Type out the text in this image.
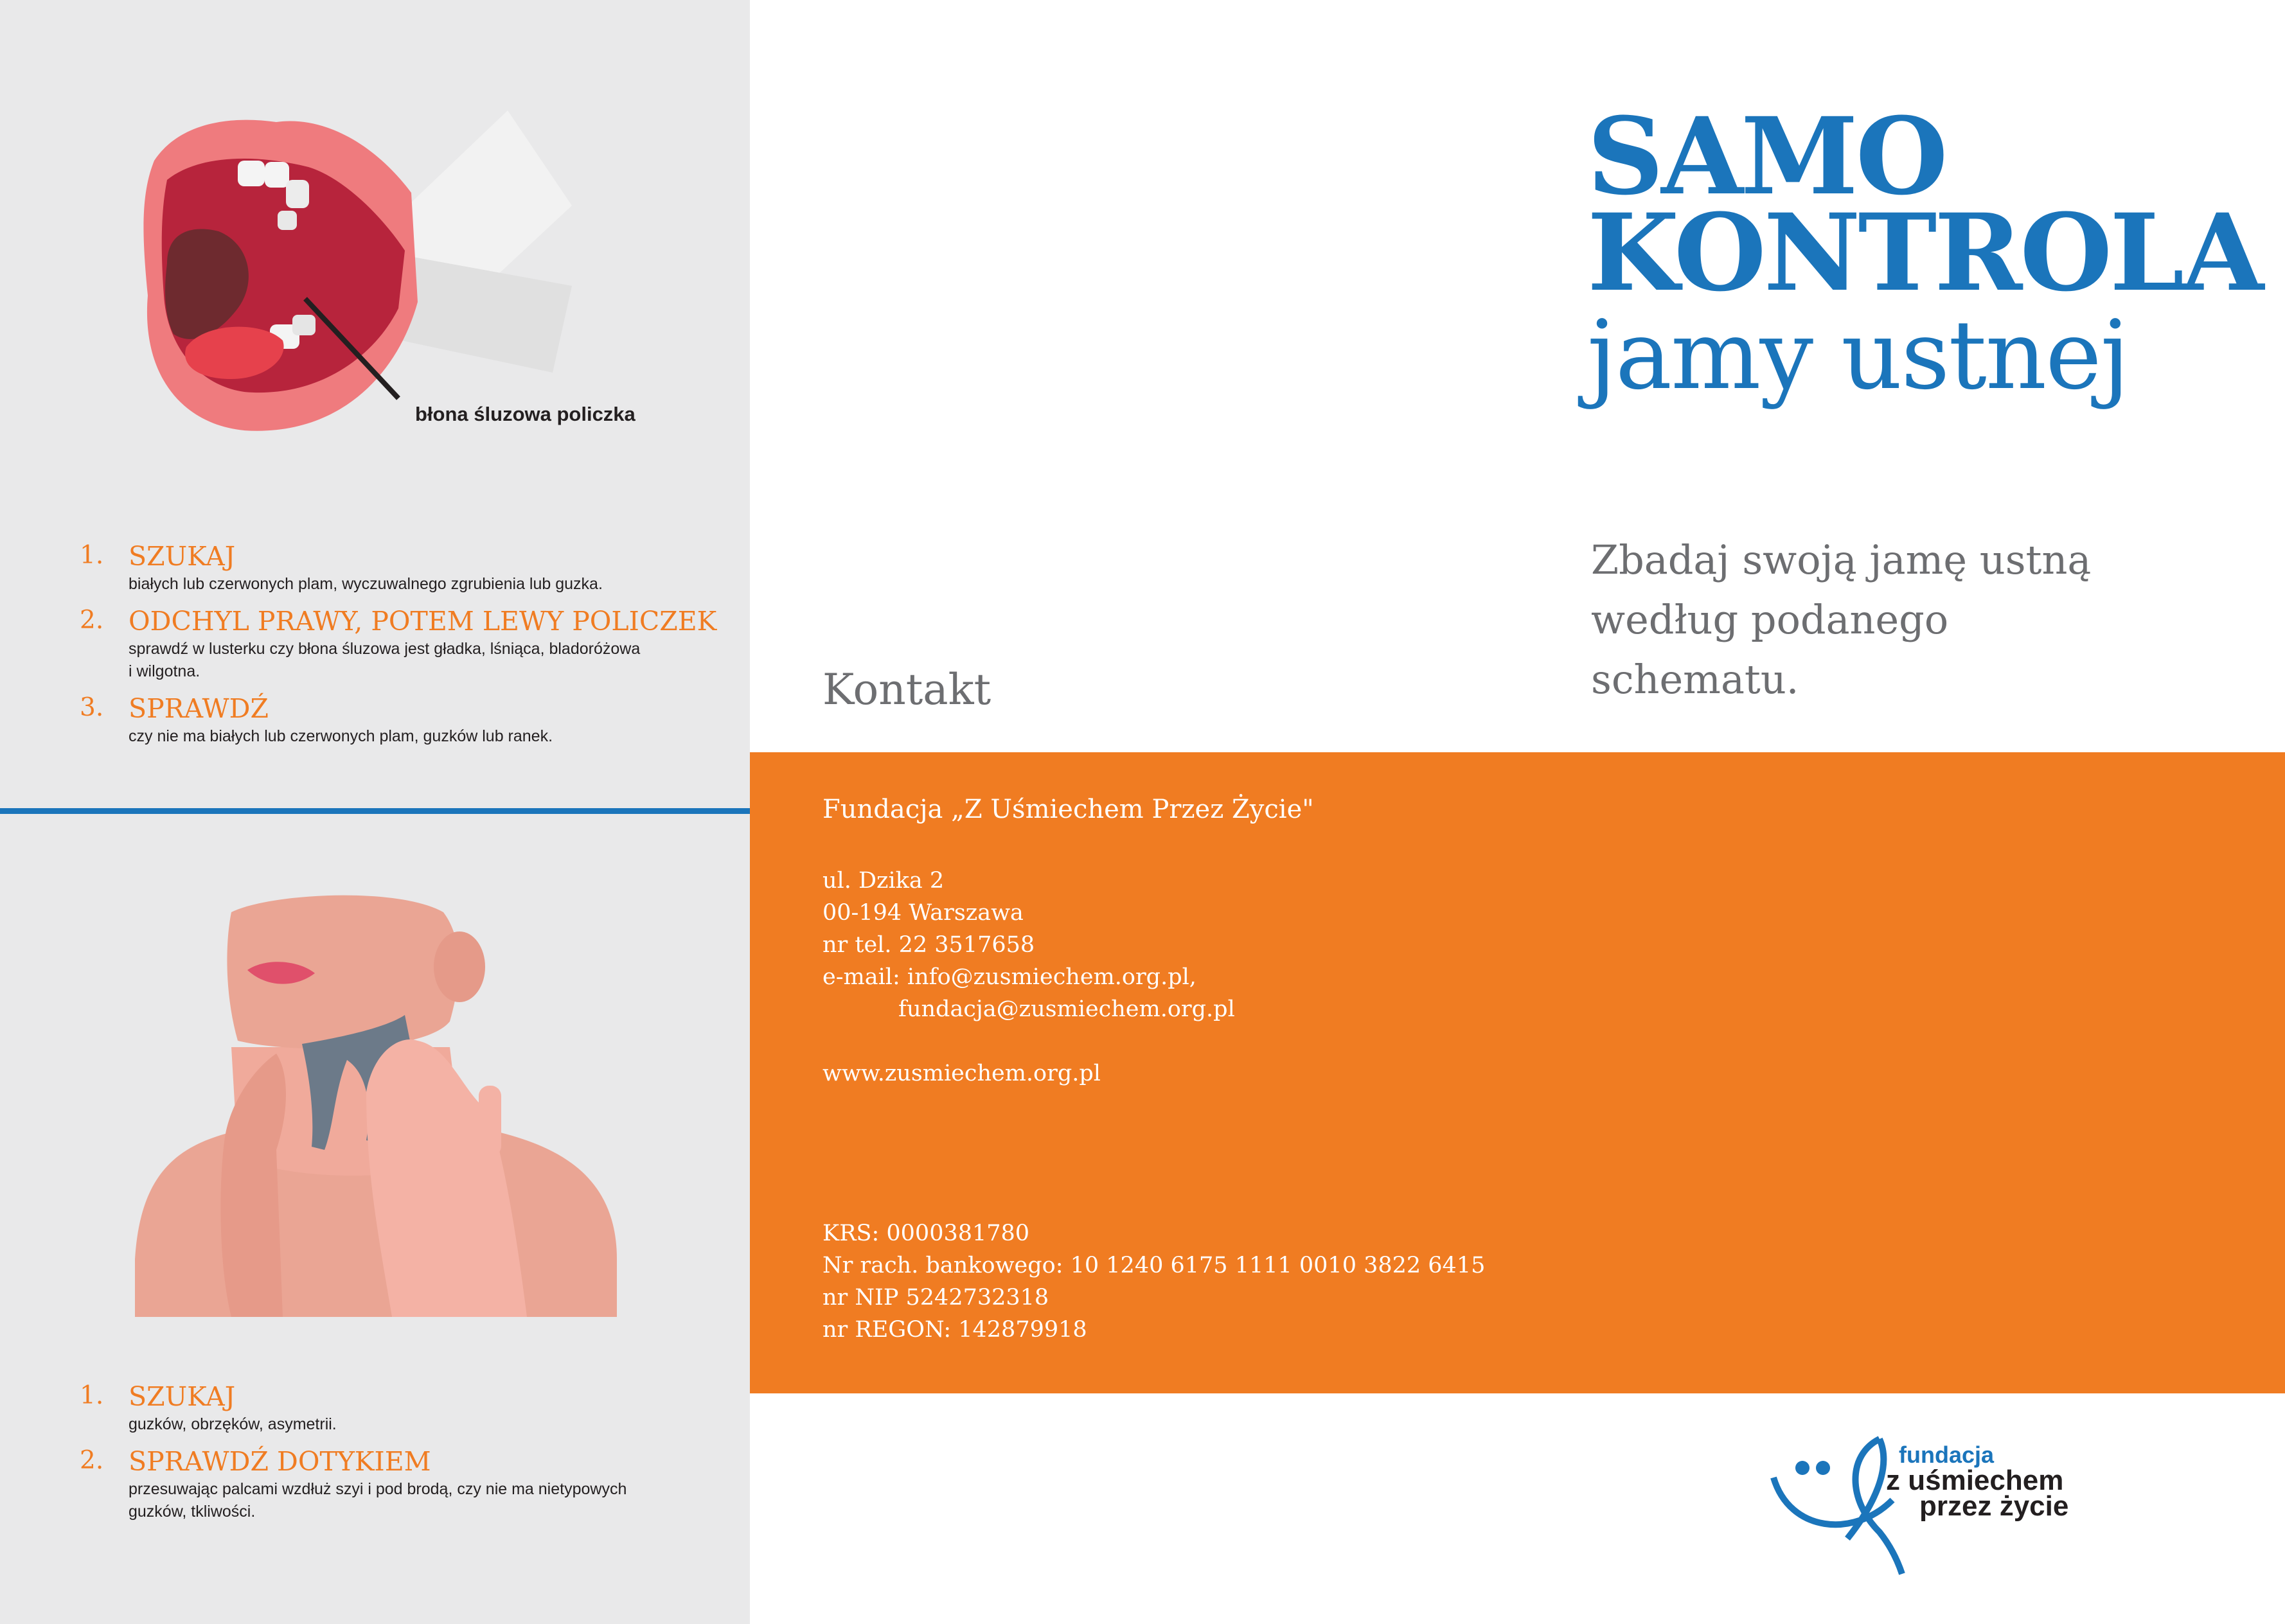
błona śluzowa policzka
1. SZUKAJ
białych lub czerwonych plam, wyczuwalnego zgrubienia lub guzka.
2. ODCHYL PRAWY, POTEM LEWY POLICZEK
sprawdź w lusterku czy błona śluzowa jest gładka, lśniąca, bladoróżowa
i wilgotna.
3. SPRAWDŹ
czy nie ma białych lub czerwonych plam, guzków lub ranek.
1. SZUKAJ
guzków, obrzęków, asymetrii.
2. SPRAWDŹ DOTYKIEM
przesuwając palcami wzdłuż szyi i pod brodą, czy nie ma nietypowych
guzków, tkliwości.
SAMO
KONTROLA
jamy ustnej
Zbadaj swoją jamę ustną
według podanego
schematu.
Kontakt
Fundacja „Z Uśmiechem Przez Życie"
ul. Dzika 2
00-194 Warszawa
nr tel. 22 3517658
e-mail: info@zusmiechem.org.pl,
fundacja@zusmiechem.org.pl
www.zusmiechem.org.pl
KRS: 0000381780
Nr rach. bankowego: 10 1240 6175 1111 0010 3822 6415
nr NIP 5242732318
nr REGON: 142879918
fundacja
z uśmiechem
przez życie
